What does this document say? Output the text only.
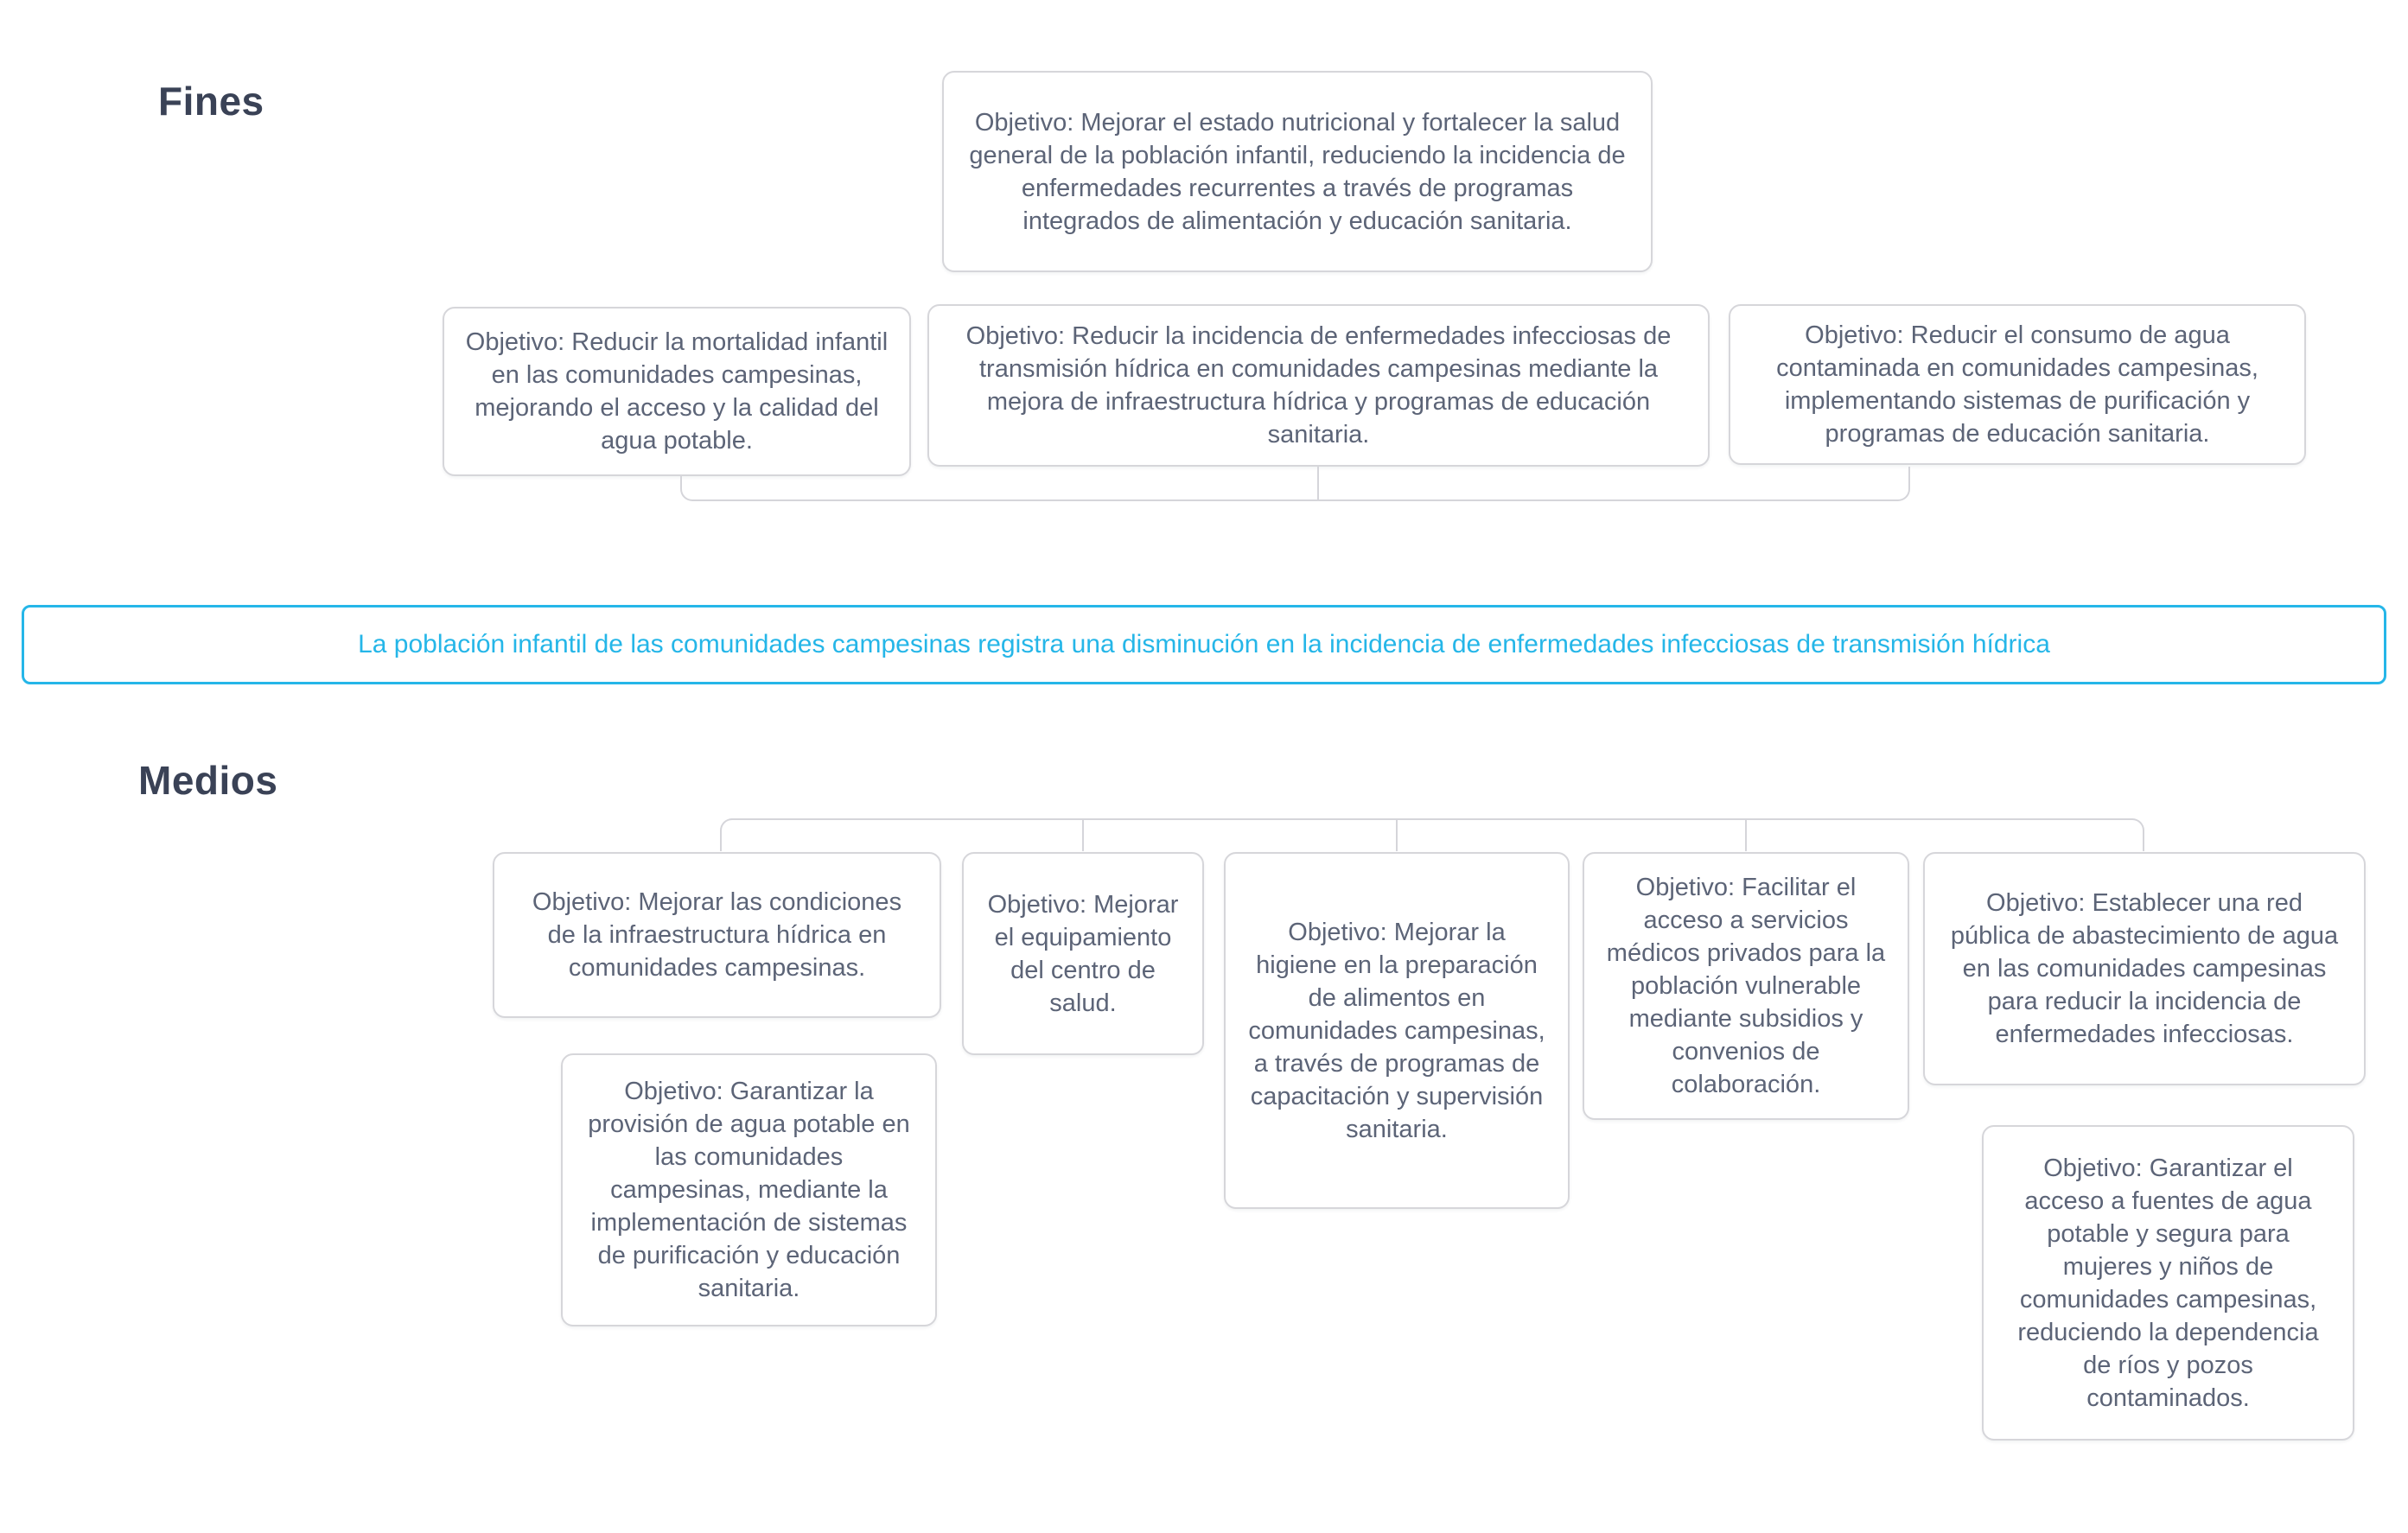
Fines
Medios
Objetivo: Mejorar el estado nutricional y fortalecer la salud general de la población infantil, reduciendo la incidencia de enfermedades recurrentes a través de programas integrados de alimentación y educación sanitaria.
Objetivo: Reducir la mortalidad infantil en las comunidades campesinas, mejorando el acceso y la calidad del agua potable.
Objetivo: Reducir la incidencia de enfermedades infecciosas de transmisión hídrica en comunidades campesinas mediante la mejora de infraestructura hídrica y programas de educación sanitaria.
Objetivo: Reducir el consumo de agua contaminada en comunidades campesinas, implementando sistemas de purificación y programas de educación sanitaria.
La población infantil de las comunidades campesinas registra una disminución en la incidencia de enfermedades infecciosas de transmisión hídrica
Objetivo: Mejorar las condiciones de la infraestructura hídrica en comunidades campesinas.
Objetivo: Mejorar el equipamiento del centro de salud.
Objetivo: Mejorar la higiene en la preparación de alimentos en comunidades campesinas, a través de programas de capacitación y supervisión sanitaria.
Objetivo: Facilitar el acceso a servicios médicos privados para la población vulnerable mediante subsidios y convenios de colaboración.
Objetivo: Establecer una red pública de abastecimiento de agua en las comunidades campesinas para reducir la incidencia de enfermedades infecciosas.
Objetivo: Garantizar la provisión de agua potable en las comunidades campesinas, mediante la implementación de sistemas de purificación y educación sanitaria.
Objetivo: Garantizar el acceso a fuentes de agua potable y segura para mujeres y niños de comunidades campesinas, reduciendo la dependencia de ríos y pozos contaminados.
